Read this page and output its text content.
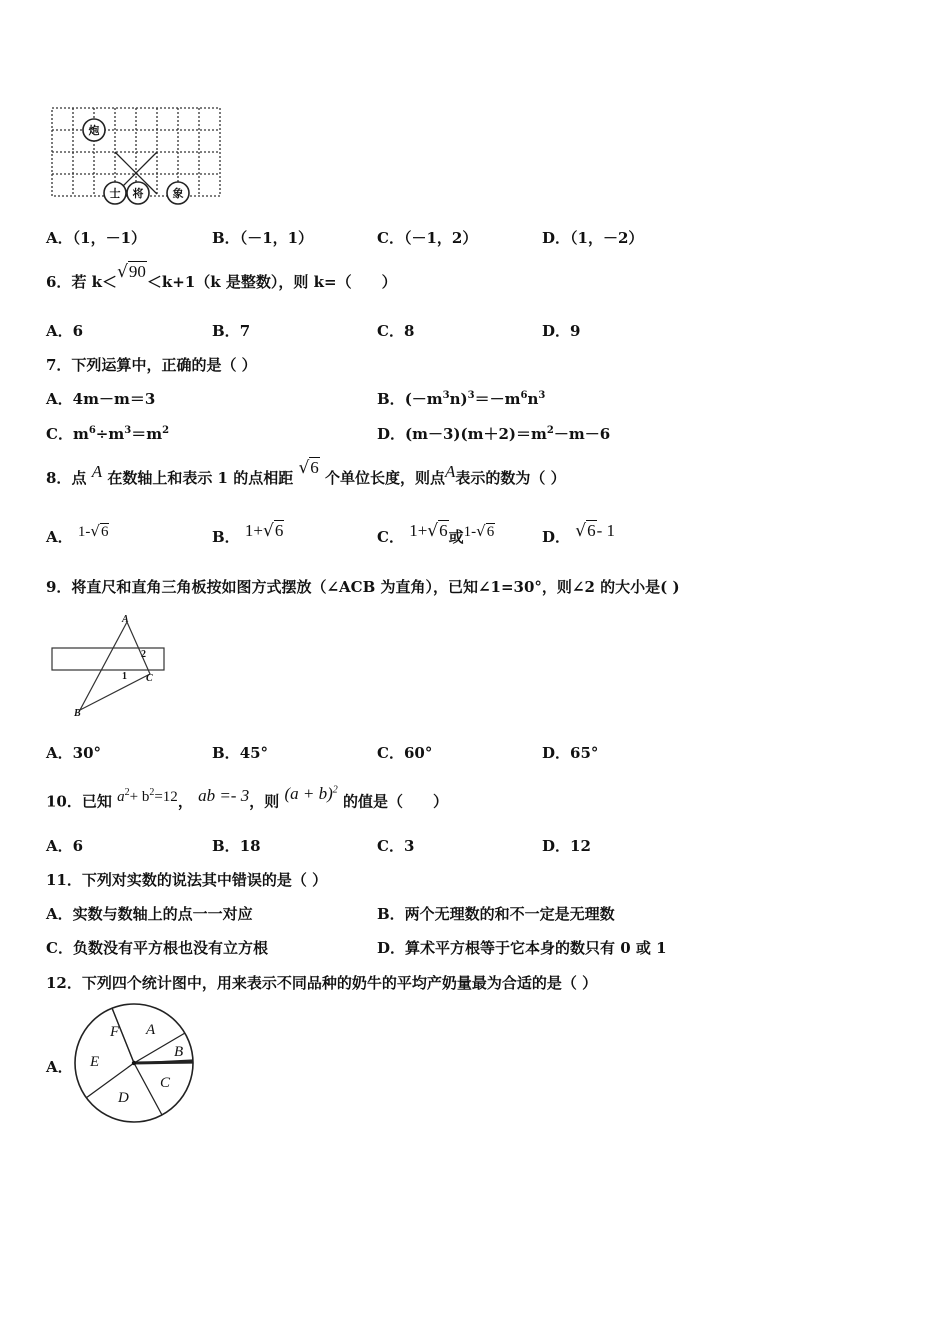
炮
士 将	象
A．（1，－1）	B．（－1，1）	C．（－1，2）	D．（1，－2）
6．若 k＜√90＜k+1（k 是整数），则 k=（　　）
A．6	B．7	C．8	D．9
7．下列运算中，正确的是（ ）
A．4m－m＝3	B．$(-m^3n)^3=-m^6n^3$
C．$m^6\div m^3=m^2$	D．$(m-3)(m+2)=m^2-m-6$
8．点 A 在数轴上和表示 1 的点相距 √6 个单位长度，则点A表示的数为（ ）
A． 1-√6	B． 1+√6	C． 1+√6或1-√6	D． √6- 1
9．将直尺和直角三角板按如图方式摆放（∠ACB 为直角），已知∠1=30°，则∠2 的大小是( )
A
B
C
1
2
A．30°	B．45°	C．60°	D．65°
10．已知 $a^2+ b^2=12$， ab =- 3，则 $(a + b)^2$ 的值是（　　）
A．6	B．18	C．3	D．12
11．下列对实数的说法其中错误的是（ ）
A．实数与数轴上的点一一对应	B．两个无理数的和不一定是无理数
C．负数没有平方根也没有立方根	D．算术平方根等于它本身的数只有 0 或 1
12．下列四个统计图中，用来表示不同品种的奶牛的平均产奶量最为合适的是（ ）
A．
F A
B
C
D
E
